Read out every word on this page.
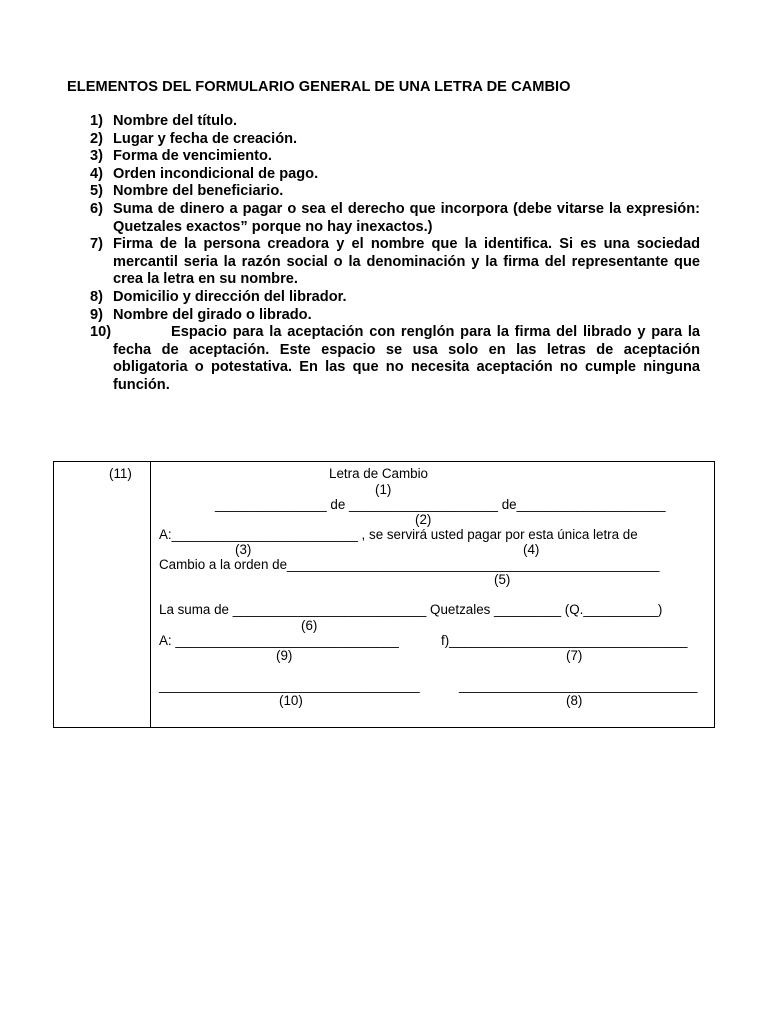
ELEMENTOS DEL FORMULARIO GENERAL DE UNA LETRA DE CAMBIO
1) Nombre del título.
2) Lugar y fecha de creación.
3) Forma de vencimiento.
4) Orden incondicional de pago.
5) Nombre del beneficiario.
6) Suma de dinero a pagar o sea el derecho que incorpora (debe vitarse la expresión: Quetzales exactos” porque no hay inexactos.)
7) Firma de la persona creadora y el nombre que la identifica. Si es una sociedad mercantil seria la razón social o la denominación y la firma del representante que crea la letra en su nombre.
8) Domicilio y dirección del librador.
9) Nombre del girado o librado.
10)	Espacio para la aceptación con renglón para la firma del librado y para la fecha de aceptación. Este espacio se usa solo en las letras de aceptación obligatoria o potestativa. En las que no necesita aceptación no cumple ninguna función.
(11)	Letra de Cambio
(1)
_______________ de ____________________ de____________________
(2)
A:_________________________ , se servirá usted pagar por esta única letra de
(3)	(4)
Cambio a la orden de__________________________________________________
(5)
La suma de __________________________ Quetzales _________ (Q.__________)
(6)
A: ______________________________	f)________________________________
(9)	(7)
___________________________________	________________________________
(10)	(8)
